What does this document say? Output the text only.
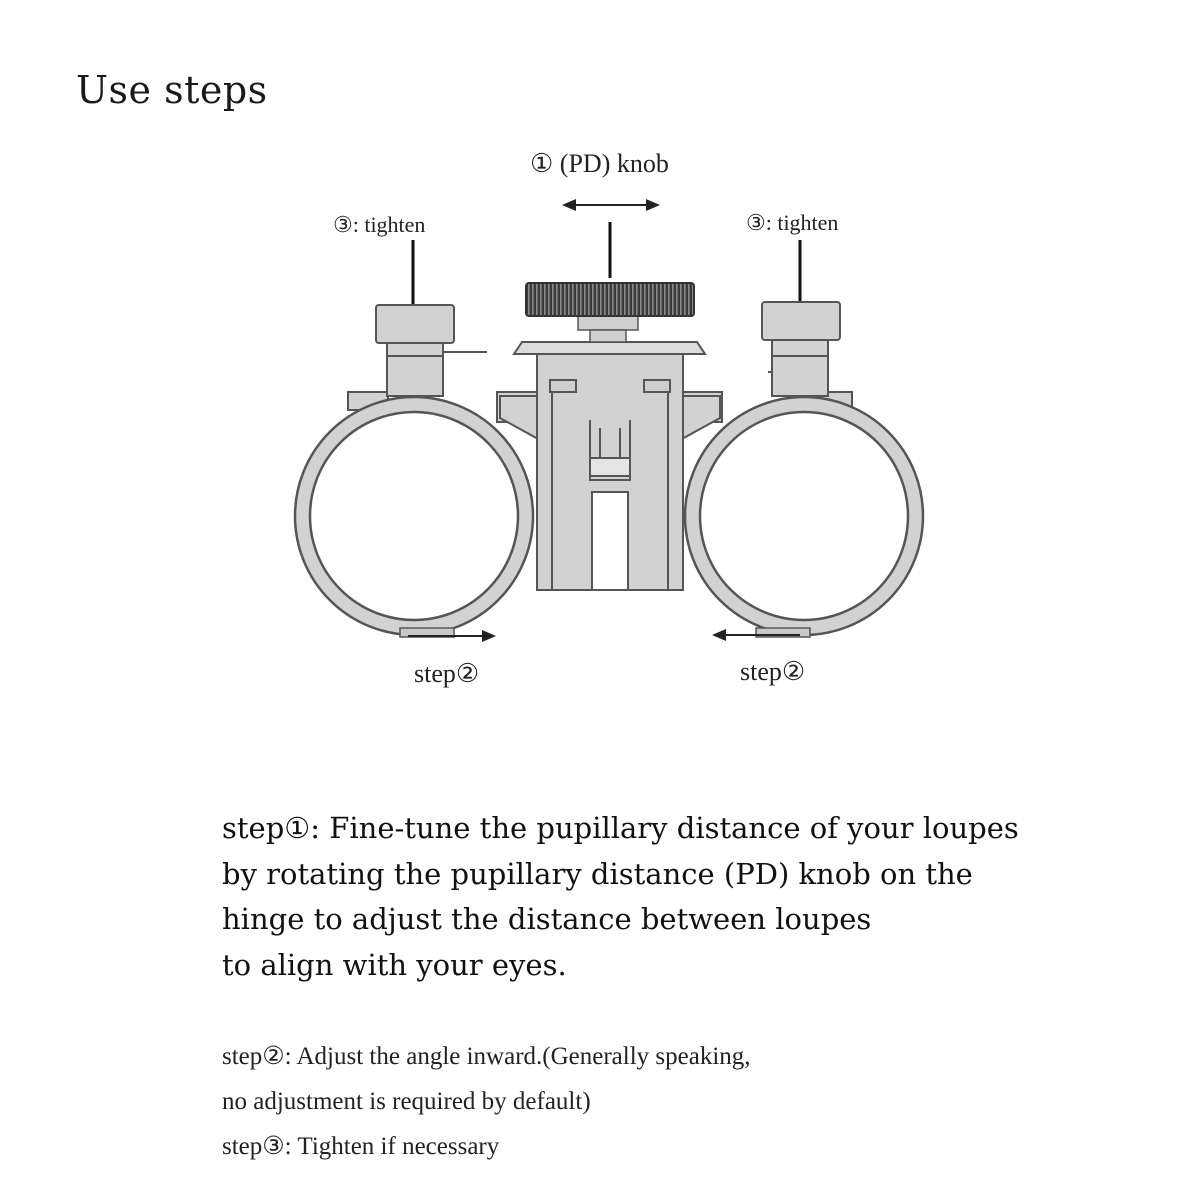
Use steps
① (PD) knob
③: tighten	③: tighten
step②	step②

step①: Fine-tune the pupillary distance of your loupes

by rotating the pupillary distance (PD) knob on the

hinge to adjust the distance between loupes

to align with your eyes.

step②: Adjust the angle inward.(Generally speaking,

no adjustment is required by default)

step③: Tighten if necessary
